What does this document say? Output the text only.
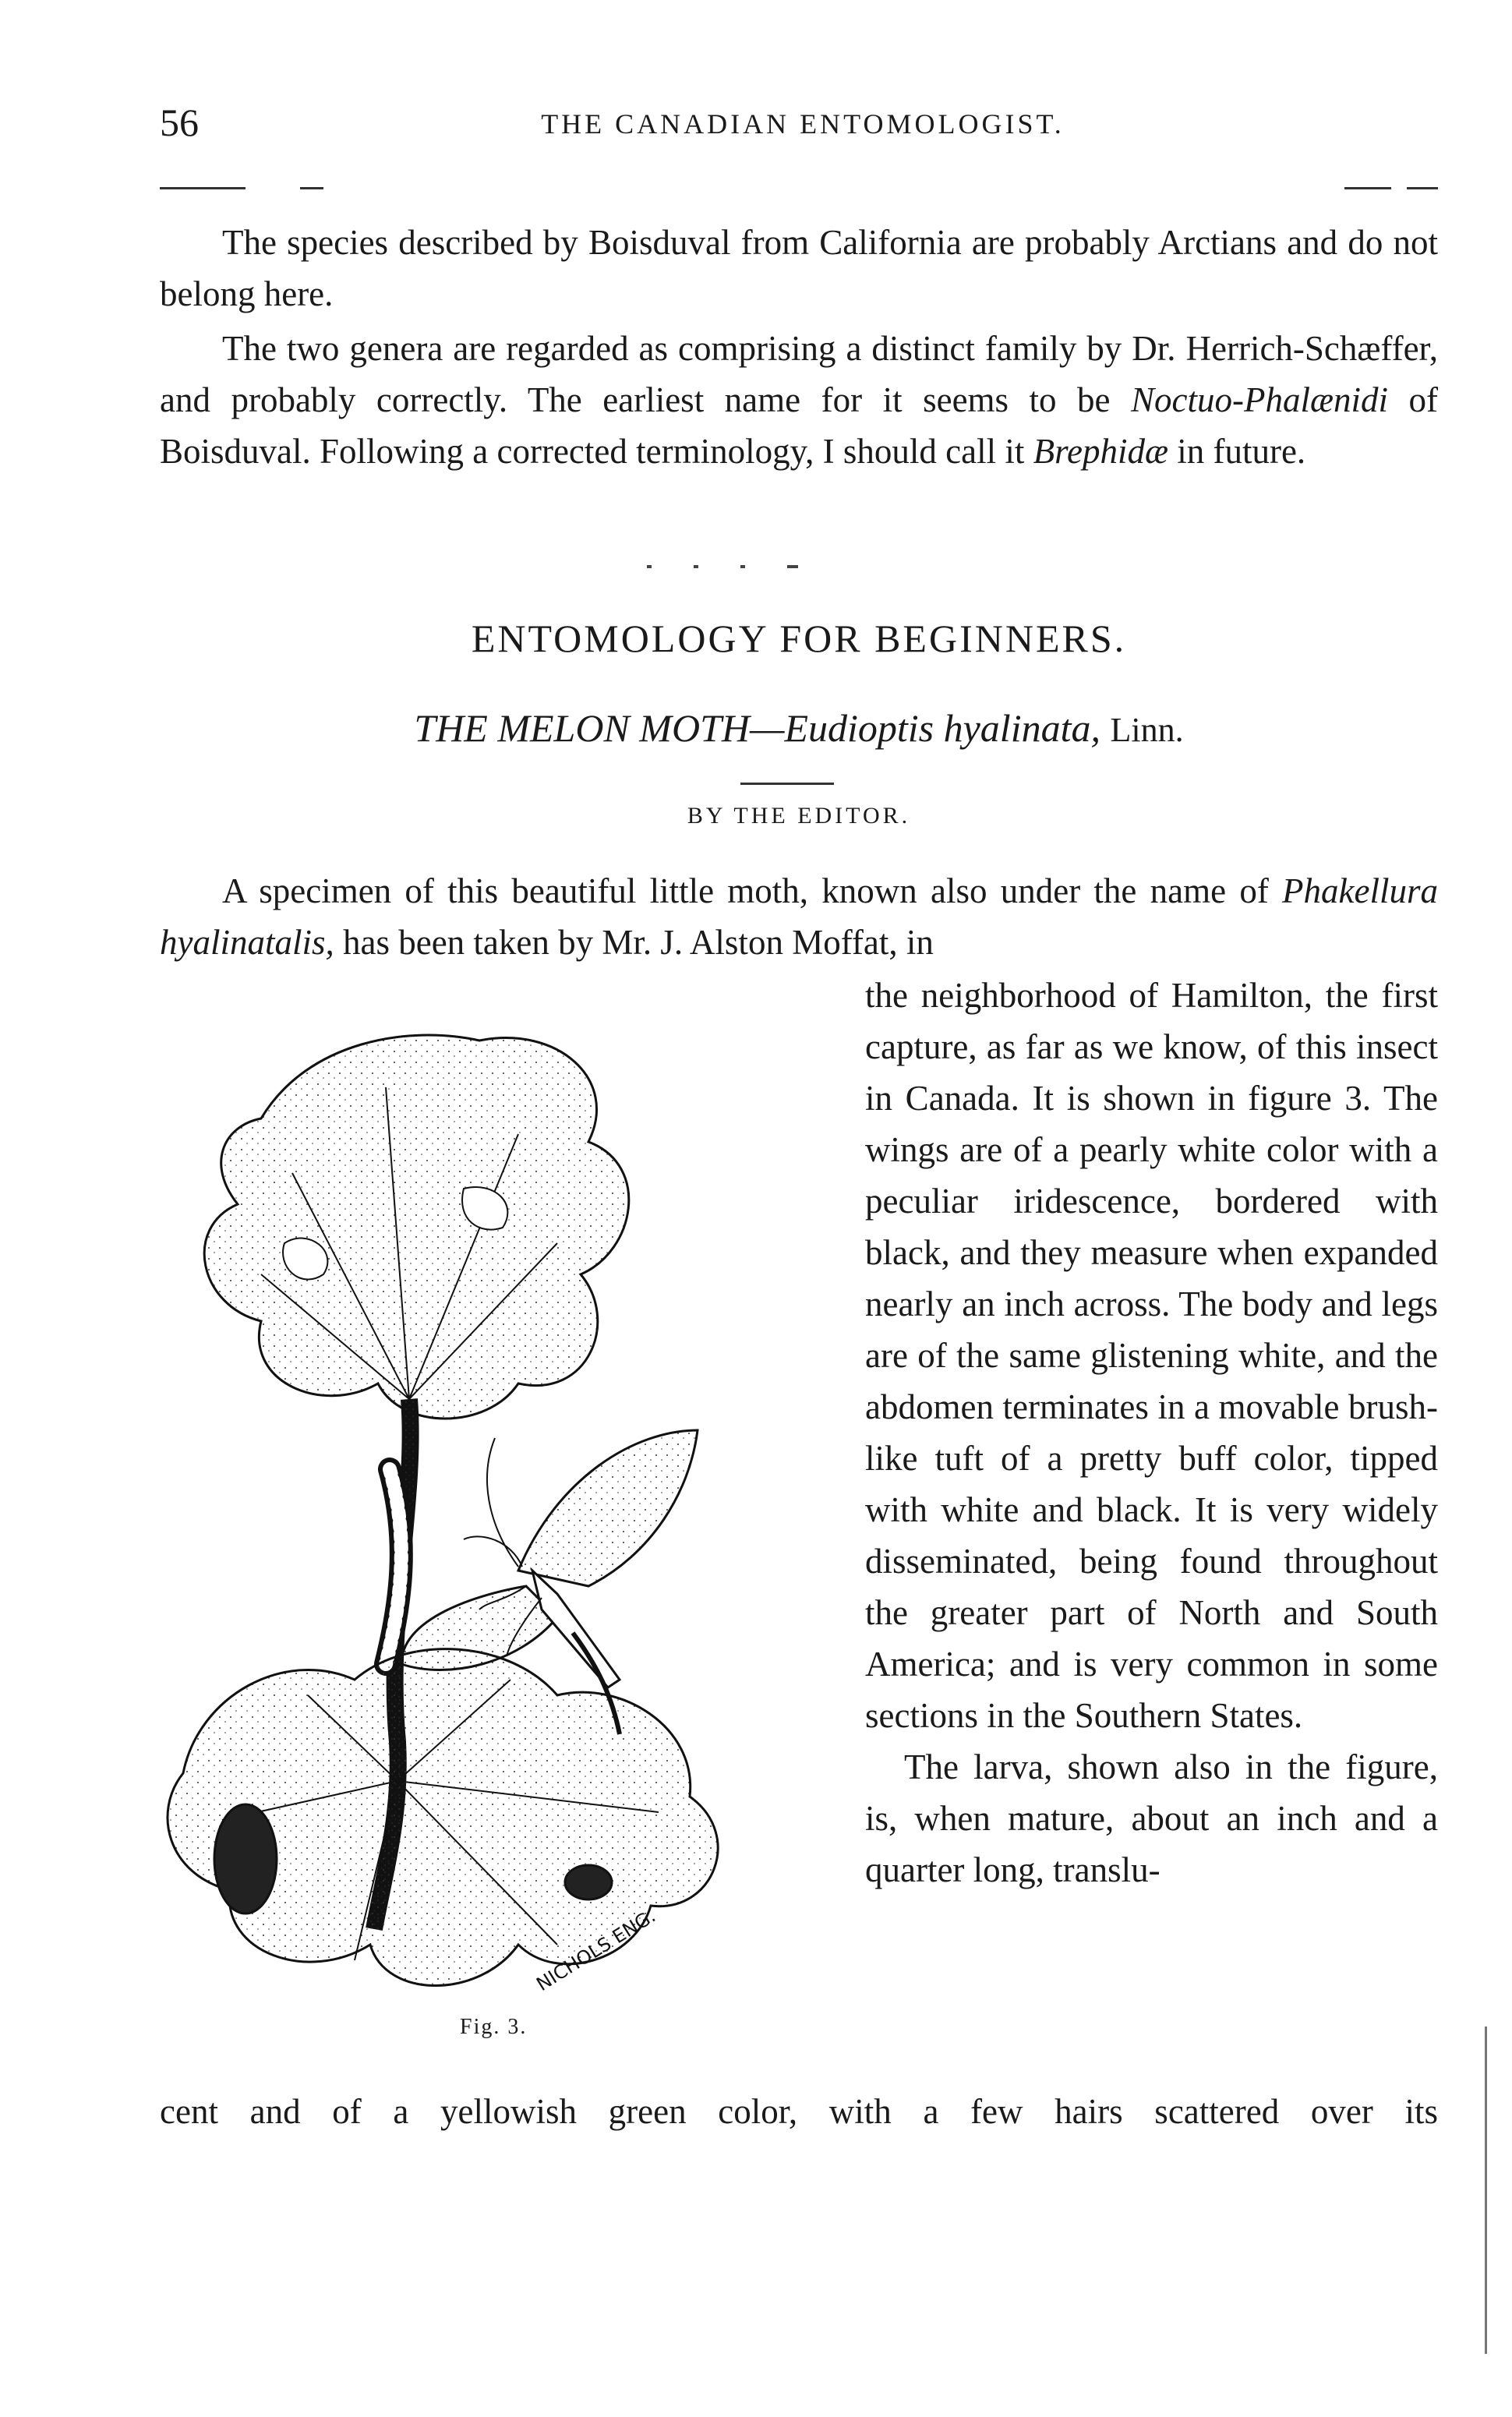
56	THE CANADIAN ENTOMOLOGIST.

The species described by Boisduval from California are probably Arctians and do not belong here.

The two genera are regarded as comprising a distinct family by Dr. Herrich-Schæffer, and probably correctly. The earliest name for it seems to be Noctuo-Phalænidi of Boisduval. Following a corrected terminology, I should call it Brephidæ in future.

ENTOMOLOGY FOR BEGINNERS.
THE MELON MOTH—Eudioptis hyalinata, Linn.
BY THE EDITOR.

A specimen of this beautiful little moth, known also under the name of Phakellura hyalinatalis, has been taken by Mr. J. Alston Moffat, in

NICHOLS ENG.
Fig. 3.

the neighborhood of Hamilton, the first capture, as far as we know, of this insect in Canada. It is shown in figure 3. The wings are of a pearly white color with a peculiar iridescence, bordered with black, and they measure when expanded nearly an inch across. The body and legs are of the same glistening white, and the abdomen terminates in a movable brush-like tuft of a pretty buff color, tipped with white and black. It is very widely disseminated, being found throughout the greater part of North and South America; and is very common in some sections in the Southern States.

The larva, shown also in the figure, is, when mature, about an inch and a quarter long, translu-

cent and of a yellowish green color, with a few hairs scattered over its
